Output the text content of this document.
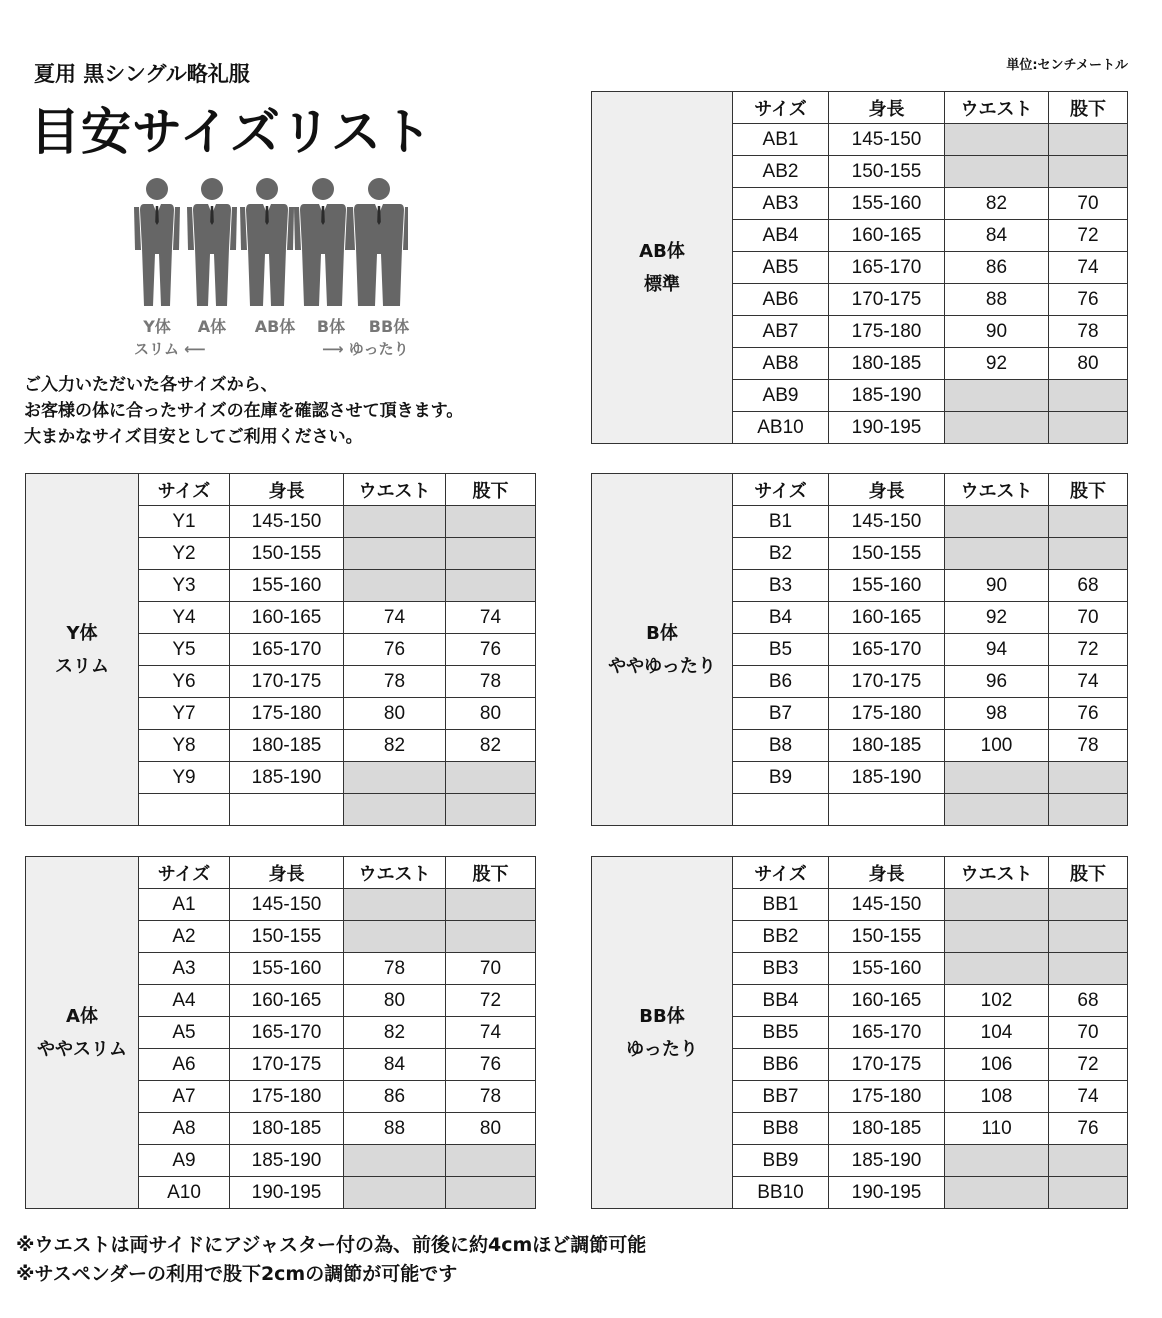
単位:センチメートル
夏用 黒シングル略礼服
目安サイズリスト
Y体	A体	AB体	B体	BB体
スリム ⟵	⟶ ゆったり
ご入力いただいた各サイズから、
お客様の体に合ったサイズの在庫を確認させて頂きます。
大まかなサイズ目安としてご利用ください。
AB体
標準	サイズ	身長	ウエスト	股下
	AB1	145-150		
	AB2	150-155		
	AB3	155-160	82	70
	AB4	160-165	84	72
	AB5	165-170	86	74
	AB6	170-175	88	76
	AB7	175-180	90	78
	AB8	180-185	92	80
	AB9	185-190		
	AB10	190-195		
Y体
スリム	サイズ	身長	ウエスト	股下
	Y1	145-150		
	Y2	150-155		
	Y3	155-160		
	Y4	160-165	74	74
	Y5	165-170	76	76
	Y6	170-175	78	78
	Y7	175-180	80	80
	Y8	180-185	82	82
	Y9	185-190		

B体
ややゆったり	サイズ	身長	ウエスト	股下
	B1	145-150		
	B2	150-155		
	B3	155-160	90	68
	B4	160-165	92	70
	B5	165-170	94	72
	B6	170-175	96	74
	B7	175-180	98	76
	B8	180-185	100	78
	B9	185-190		

A体
ややスリム	サイズ	身長	ウエスト	股下
	A1	145-150		
	A2	150-155		
	A3	155-160	78	70
	A4	160-165	80	72
	A5	165-170	82	74
	A6	170-175	84	76
	A7	175-180	86	78
	A8	180-185	88	80
	A9	185-190		
	A10	190-195		
BB体
ゆったり	サイズ	身長	ウエスト	股下
	BB1	145-150		
	BB2	150-155		
	BB3	155-160		
	BB4	160-165	102	68
	BB5	165-170	104	70
	BB6	170-175	106	72
	BB7	175-180	108	74
	BB8	180-185	110	76
	BB9	185-190		
	BB10	190-195		
※ウエストは両サイドにアジャスター付の為、前後に約4cmほど調節可能
※サスペンダーの利用で股下2cmの調節が可能です
